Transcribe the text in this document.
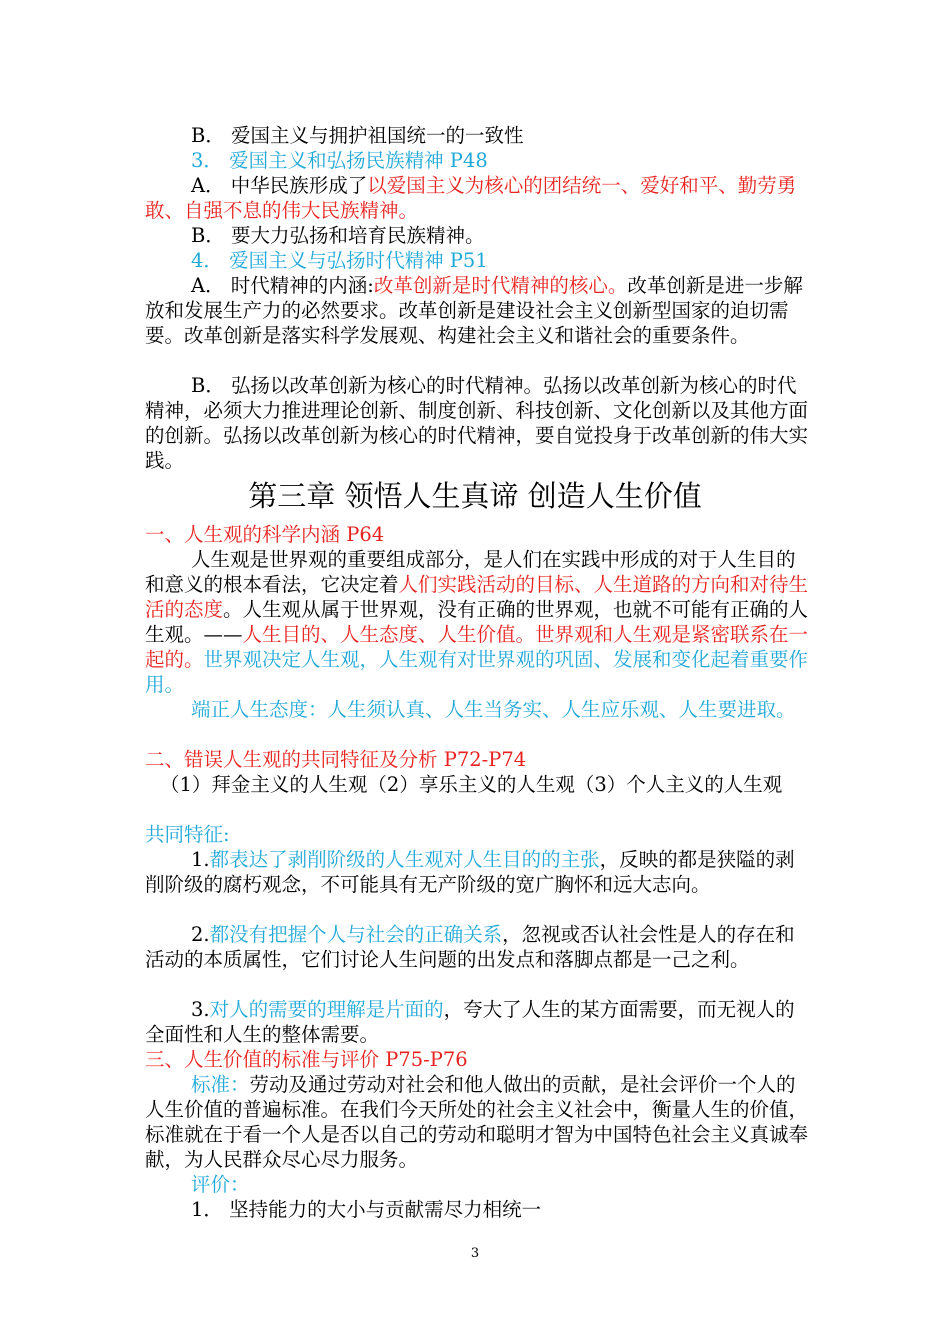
B． 爱国主义与拥护祖国统一的一致性

3． 爱国主义和弘扬民族精神 P48

A． 中华民族形成了以爱国主义为核心的团结统一、爱好和平、勤劳勇敢、自强不息的伟大民族精神。

B． 要大力弘扬和培育民族精神。

4． 爱国主义与弘扬时代精神 P51

A． 时代精神的内涵:改革创新是时代精神的核心。改革创新是进一步解放和发展生产力的必然要求。改革创新是建设社会主义创新型国家的迫切需要。改革创新是落实科学发展观、构建社会主义和谐社会的重要条件。

B． 弘扬以改革创新为核心的时代精神。弘扬以改革创新为核心的时代精神，必须大力推进理论创新、制度创新、科技创新、文化创新以及其他方面的创新。弘扬以改革创新为核心的时代精神，要自觉投身于改革创新的伟大实践。

第三章 领悟人生真谛 创造人生价值

一、人生观的科学内涵 P64

人生观是世界观的重要组成部分，是人们在实践中形成的对于人生目的和意义的根本看法，它决定着人们实践活动的目标、人生道路的方向和对待生活的态度。人生观从属于世界观，没有正确的世界观，也就不可能有正确的人生观。——人生目的、人生态度、人生价值。世界观和人生观是紧密联系在一起的。世界观决定人生观，人生观有对世界观的巩固、发展和变化起着重要作用。

端正人生态度：人生须认真、人生当务实、人生应乐观、人生要进取。

二、错误人生观的共同特征及分析 P72-P74

（1）拜金主义的人生观（2）享乐主义的人生观（3）个人主义的人生观

共同特征:

1.都表达了剥削阶级的人生观对人生目的的主张，反映的都是狭隘的剥削阶级的腐朽观念，不可能具有无产阶级的宽广胸怀和远大志向。

2.都没有把握个人与社会的正确关系，忽视或否认社会性是人的存在和活动的本质属性，它们讨论人生问题的出发点和落脚点都是一己之利。

3.对人的需要的理解是片面的，夸大了人生的某方面需要，而无视人的全面性和人生的整体需要。

三、人生价值的标准与评价 P75-P76

标准：劳动及通过劳动对社会和他人做出的贡献，是社会评价一个人的人生价值的普遍标准。在我们今天所处的社会主义社会中，衡量人生的价值，标准就在于看一个人是否以自己的劳动和聪明才智为中国特色社会主义真诚奉献，为人民群众尽心尽力服务。

评价：

1． 坚持能力的大小与贡献需尽力相统一

3
